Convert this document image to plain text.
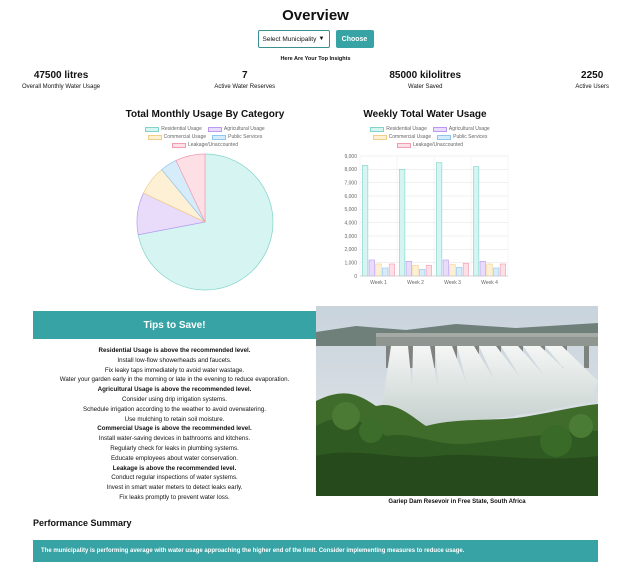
Overview
Select Municipality ▼	Choose
Here Are Your Top Insights
47500 litres
Overall Monthly Water Usage
7
Active Water Reserves
85000 kilolitres
Water Saved
2250
Active Users
Total Monthly Usage By Category
Residential Usage	Agricultural Usage
Commercial Usage	Public Services
Leakage/Unaccounted
Weekly Total Water Usage
Residential Usage	Agricultural Usage
Commercial Usage	Public Services
Leakage/Unaccounted
0
1,000
2,000
3,000
4,000
5,000
6,000
7,000
8,000
9,000
Week 1	Week 2	Week 3	Week 4
Tips to Save!
Residential Usage is above the recommended level.
Install low-flow showerheads and faucets.
Fix leaky taps immediately to avoid water wastage.
Water your garden early in the morning or late in the evening to reduce evaporation.
Agricultural Usage is above the recommended level.
Consider using drip irrigation systems.
Schedule irrigation according to the weather to avoid overwatering.
Use mulching to retain soil moisture.
Commercial Usage is above the recommended level.
Install water-saving devices in bathrooms and kitchens.
Regularly check for leaks in plumbing systems.
Educate employees about water conservation.
Leakage is above the recommended level.
Conduct regular inspections of water systems.
Invest in smart water meters to detect leaks early.
Fix leaks promptly to prevent water loss.
Gariep Dam Resevoir in Free State, South Africa
Performance Summary
The municipality is performing average with water usage approaching the higher end of the limit. Consider implementing measures to reduce usage.
